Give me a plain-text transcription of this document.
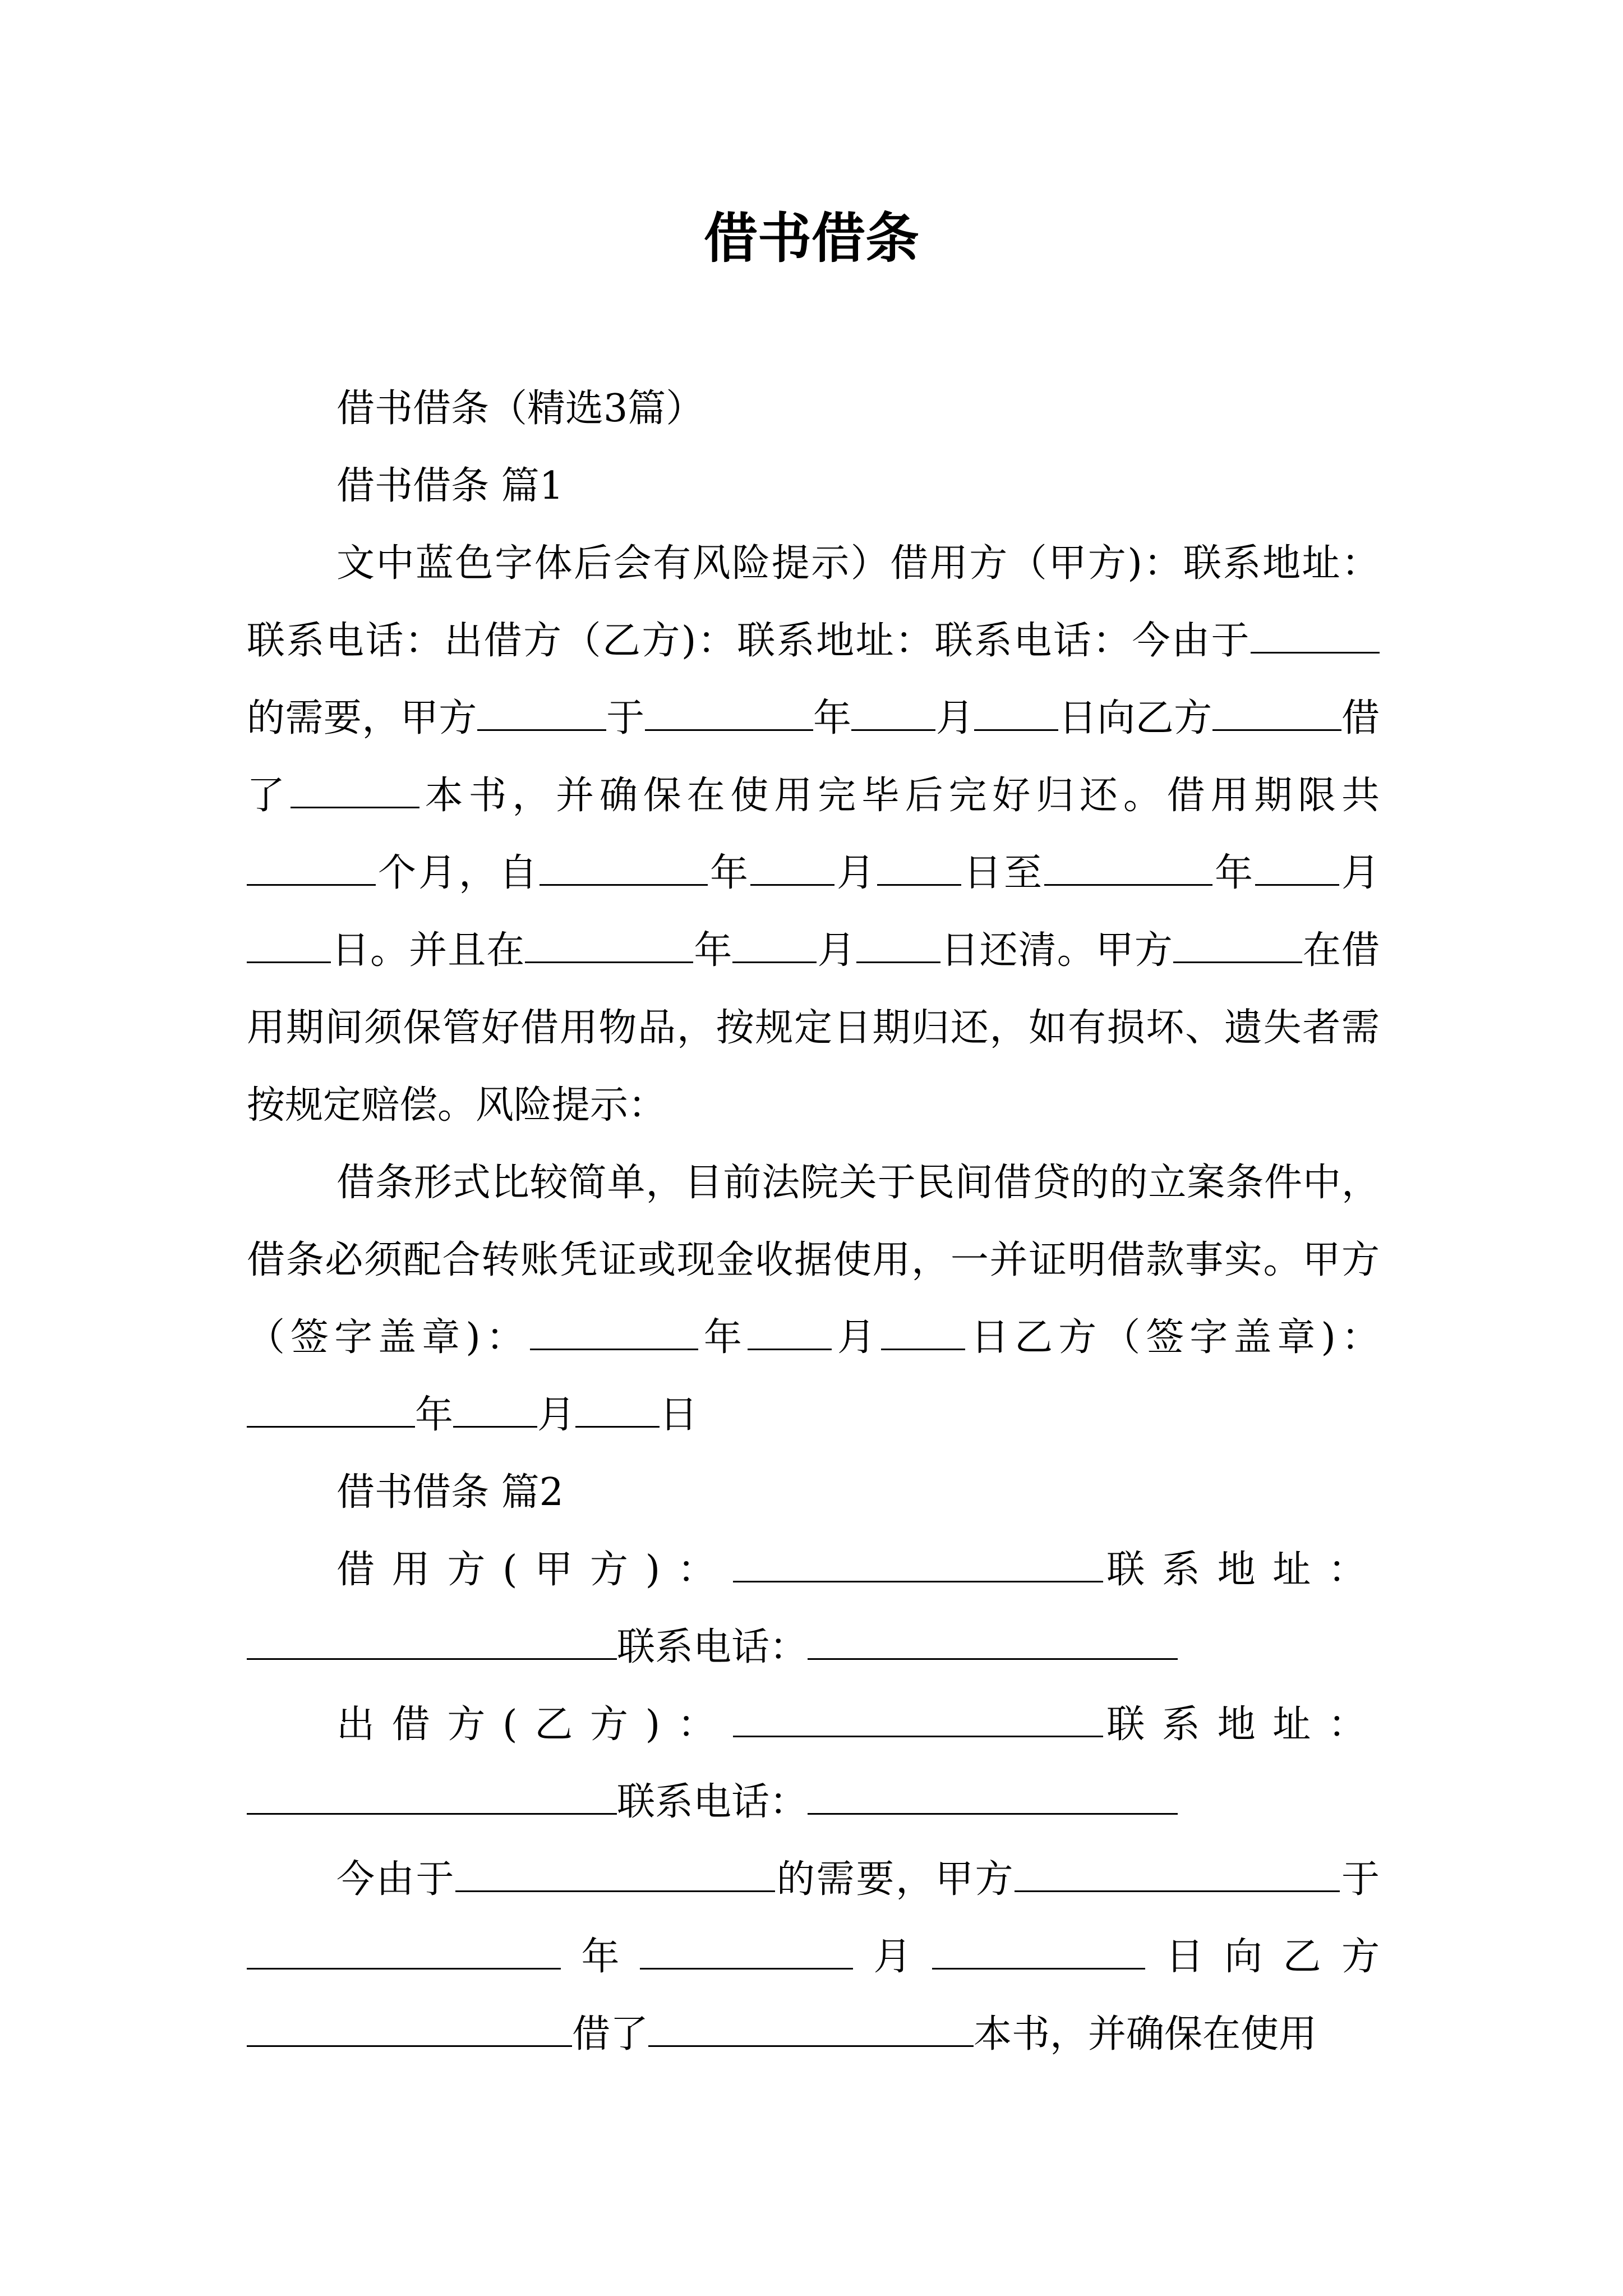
借书借条

借书借条（精选3篇）

借书借条 篇1

文中蓝色字体后会有风险提示）借用方（甲方)：联系地址：联系电话：出借方（乙方)：联系地址：联系电话：今由于的需要，甲方	于	年 月 日向乙方	借了	本书，并确保在使用完毕后完好归还。借用期限共个月，自	年 月 日至	年 月日。并且在	年 月 日还清。甲方	在借用期间须保管好借用物品，按规定日期归还，如有损坏、遗失者需按规定赔偿。风险提示：

借条形式比较简单，目前法院关于民间借贷的的立案条件中，借条必须配合转账凭证或现金收据使用，一并证明借款事实。甲方（签字盖章)：	年 月 日乙方（签字盖章)：年 月 日

借书借条 篇2

借用方(甲方)：	联系地址：联系电话：

出借方(乙方)：	联系地址：联系电话：

今由于	的需要，甲方	于年	月	日向乙方借了	本书，并确保在使用
